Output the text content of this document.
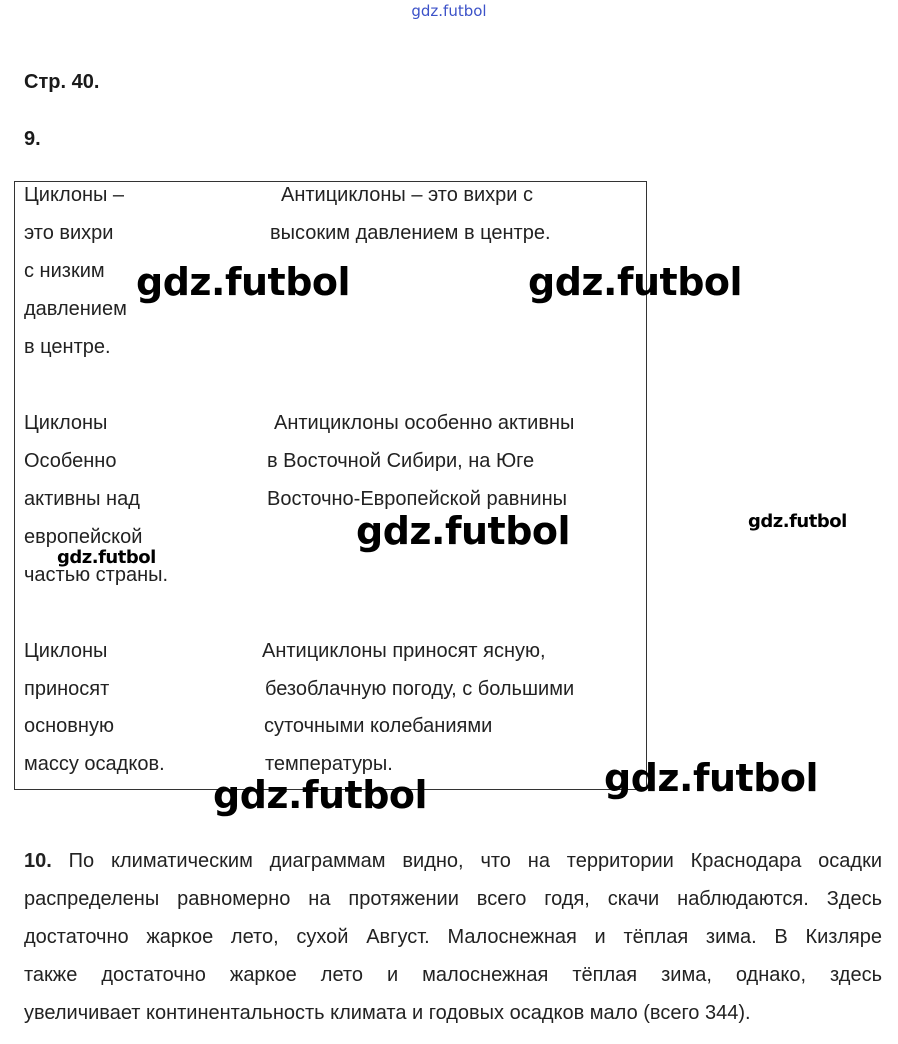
gdz.futbol
Стр. 40.
9.
Циклоны –
это вихри
с низким
давлением
в центре.
Антициклоны – это вихри с
высоким давлением в центре.
Циклоны
Особенно
активны над
европейской
частью страны.
Антициклоны особенно активны
в Восточной Сибири, на Юге
Восточно-Европейской равнины
Циклоны
приносят
основную
массу осадков.
Антициклоны приносят ясную,
безоблачную погоду, с большими
суточными колебаниями
температуры.
gdz.futbol	gdz.futbol
gdz.futbol	gdz.futbol
gdz.futbol
gdz.futbol
gdz.futbol
10. По климатическим диаграммам видно, что на территории Краснодара осадки
распределены равномерно на протяжении всего годя, скачи наблюдаются. Здесь
достаточно жаркое лето, сухой Август. Малоснежная и тёплая зима. В Кизляре
также достаточно жаркое лето и малоснежная тёплая зима, однако, здесь
увеличивает континентальность климата и годовых осадков мало (всего 344).
